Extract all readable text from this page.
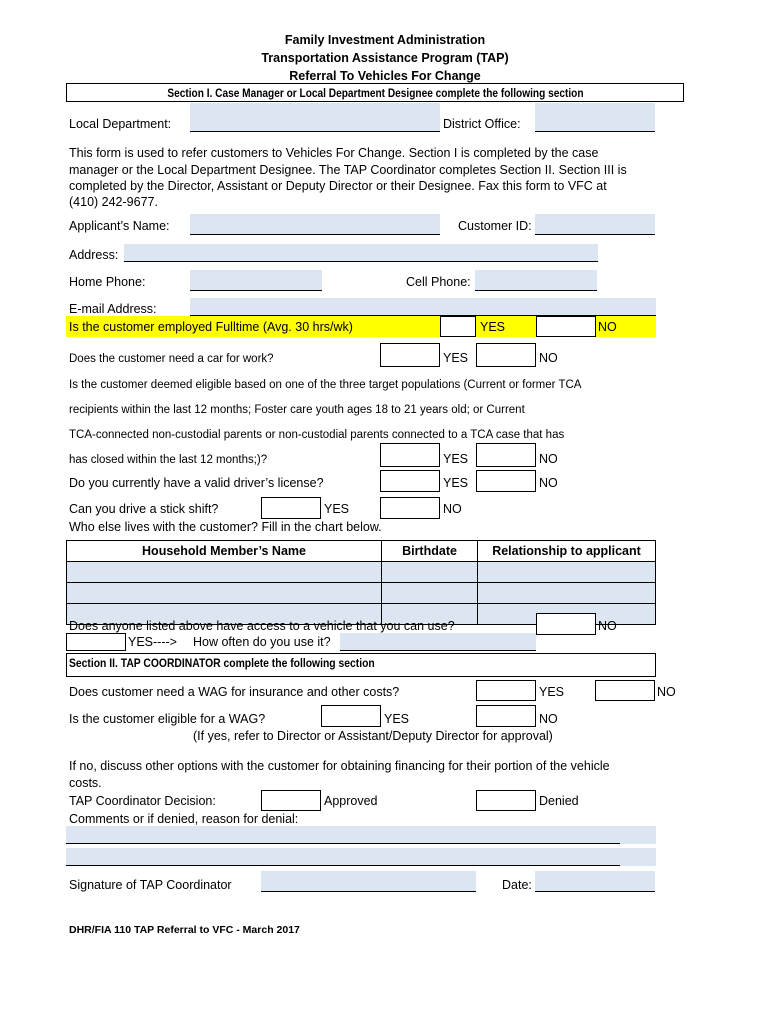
Family Investment Administration
Transportation Assistance Program (TAP)
Referral To Vehicles For Change
Section I. Case Manager or Local Department Designee complete the following section
Local Department:	District Office:
This form is used to refer customers to Vehicles For Change. Section I is completed by the case
manager or the Local Department Designee. The TAP Coordinator completes Section II. Section III is
completed by the Director, Assistant or Deputy Director or their Designee. Fax this form to VFC at
(410) 242-9677.
Applicant’s Name:	Customer ID:
Address:
Home Phone:	Cell Phone:
E-mail Address:
Is the customer employed Fulltime (Avg. 30 hrs/wk)	YES	NO
Does the customer need a car for work?	YES	NO
Is the customer deemed eligible based on one of the three target populations (Current or former TCA
recipients within the last 12 months; Foster care youth ages 18 to 21 years old; or Current
TCA-connected non-custodial parents or non-custodial parents connected to a TCA case that has
has closed within the last 12 months;)?	YES	NO
Do you currently have a valid driver’s license?	YES	NO
Can you drive a stick shift?	YES	NO
Who else lives with the customer? Fill in the chart below.
Household Member’s Name	Birthdate	Relationship to applicant

Does anyone listed above have access to a vehicle that you can use?	NO
YES----> How often do you use it?
Section II. TAP COORDINATOR complete the following section
Does customer need a WAG for insurance and other costs?	YES	NO
Is the customer eligible for a WAG?	YES	NO
(If yes, refer to Director or Assistant/Deputy Director for approval)
If no, discuss other options with the customer for obtaining financing for their portion of the vehicle
costs.
TAP Coordinator Decision:	Approved	Denied
Comments or if denied, reason for denial:
Signature of TAP Coordinator	Date:
DHR/FIA 110 TAP Referral to VFC - March 2017
